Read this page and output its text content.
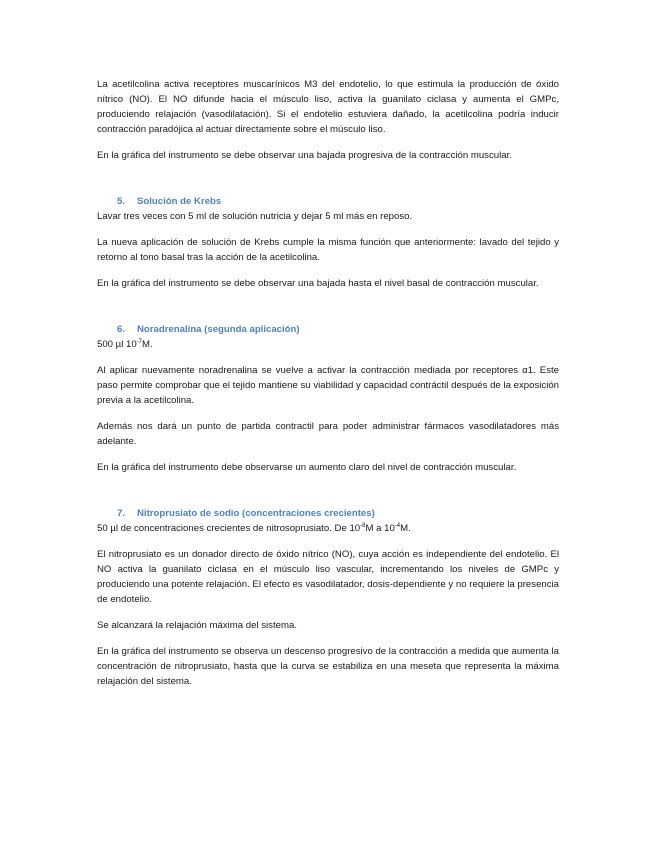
La acetilcolina activa receptores muscarínicos M3 del endotelio, lo que estimula la producción de óxido nítrico (NO). El NO difunde hacia el músculo liso, activa la guanilato ciclasa y aumenta el GMPc, produciendo relajación (vasodilatación). Si el endotelio estuviera dañado, la acetilcolina podría inducir contracción paradójica al actuar directamente sobre el músculo liso.

En la gráfica del instrumento se debe observar una bajada progresiva de la contracción muscular.

5. Solución de Krebs
Lavar tres veces con 5 ml de solución nutricia y dejar 5 ml más en reposo.

La nueva aplicación de solución de Krebs cumple la misma función que anteriormente: lavado del tejido y retorno al tono basal tras la acción de la acetilcolina.

En la gráfica del instrumento se debe observar una bajada hasta el nivel basal de contracción muscular.

6. Noradrenalina (segunda aplicación)
500 µl $10^{-7}M$.

Al aplicar nuevamente noradrenalina se vuelve a activar la contracción mediada por receptores α1. Este paso permite comprobar que el tejido mantiene su viabilidad y capacidad contráctil después de la exposición previa a la acetilcolina.

Además nos dará un punto de partida contractil para poder administrar fármacos vasodilatadores más adelante.

En la gráfica del instrumento debe observarse un aumento claro del nivel de contracción muscular.

7. Nitroprusiato de sodio (concentraciones crecientes)
50 µl de concentraciones crecientes de nitrosoprusiato. De $10^{-8}M$ a $10^{-4}M$.

El nitroprusiato es un donador directo de óxido nítrico (NO), cuya acción es independiente del endotelio. El NO activa la guanilato ciclasa en el músculo liso vascular, incrementando los niveles de GMPc y produciendo una potente relajación. El efecto es vasodilatador, dosis-dependiente y no requiere la presencia de endotelio.

Se alcanzará la relajación máxima del sistema.

En la gráfica del instrumento se observa un descenso progresivo de la contracción a medida que aumenta la concentración de nitroprusiato, hasta que la curva se estabiliza en una meseta que representa la máxima relajación del sistema.
